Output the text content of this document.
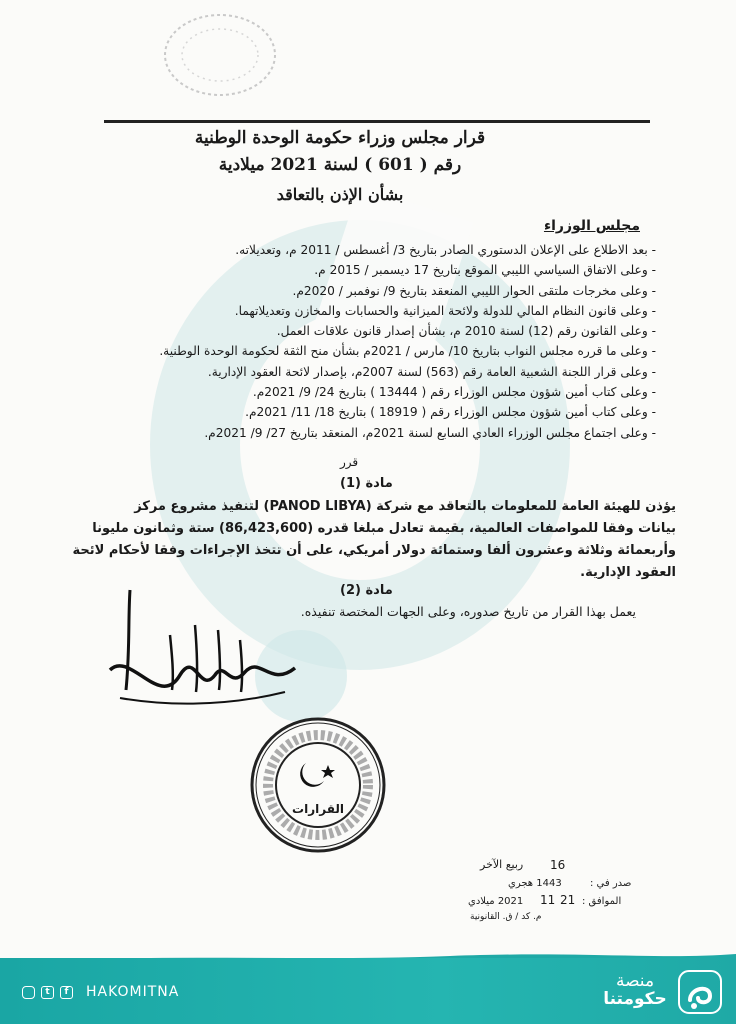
قرار مجلس وزراء حكومة الوحدة الوطنية
رقم ( 601 ) لسنة 2021 ميلادية
بشأن الإذن بالتعاقد
مجلس الوزراء
- بعد الاطلاع على الإعلان الدستوري الصادر بتاريخ 3/ أغسطس / 2011 م، وتعديلاته.
- وعلى الاتفاق السياسي الليبي الموقع بتاريخ 17 ديسمبر / 2015 م.
- وعلى مخرجات ملتقى الحوار الليبي المنعقد بتاريخ 9/ نوفمبر / 2020م.
- وعلى قانون النظام المالي للدولة ولائحة الميزانية والحسابات والمخازن وتعديلاتهما.
- وعلى القانون رقم (12) لسنة 2010 م، بشأن إصدار قانون علاقات العمل.
- وعلى ما قرره مجلس النواب بتاريخ 10/ مارس / 2021م بشأن منح الثقة لحكومة الوحدة الوطنية.
- وعلى قرار اللجنة الشعبية العامة رقم (563) لسنة 2007م، بإصدار لائحة العقود الإدارية.
- وعلى كتاب أمين شؤون مجلس الوزراء رقم ( 13444 ) بتاريخ 24/ 9/ 2021م.
- وعلى كتاب أمين شؤون مجلس الوزراء رقم ( 18919 ) بتاريخ 18/ 11/ 2021م.
- وعلى اجتماع مجلس الوزراء العادي السابع لسنة 2021م، المنعقد بتاريخ 27/ 9/ 2021م.
قرر
مادة (1)
يؤذن للهيئة العامة للمعلومات بالتعاقد مع شركة (PANOD LIBYA) لتنفيذ مشروع مركز
بيانات وفقا للمواصفات العالمية، بقيمة تعادل مبلغا قدره (86,423,600) ستة وثمانون مليونا
وأربعمائة وثلاثة وعشرون ألفا وستمائة دولار أمريكي، على أن تتخذ الإجراءات وفقا لأحكام لائحة
العقود الإدارية.
مادة (2)
يعمل بهذا القرار من تاريخ صدوره، وعلى الجهات المختصة تنفيذه.
القرارات
16
ربيع الآخر
صدر في :
1443 هجري
الموافق :
21
11
2021 ميلادي
م. كد / ق. القانونية
t	f	HAKOMITNA
منصة
حكومتنا
